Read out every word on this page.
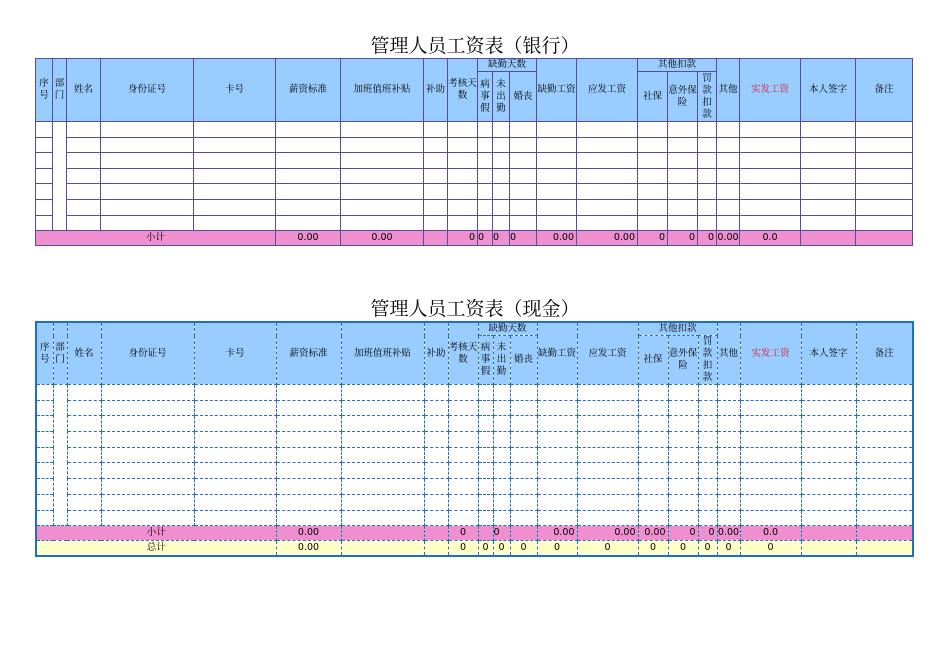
管理人员工资表（银行）
序号	部门	姓名	身份证号	卡号	薪资标准	加班值班补贴	补助	考核天数	缺勤天数			缺勤工资	应发工资	其他扣款			其他	实发工资	本人签字	备注
									病事假	未出勤	婚丧			社保	意外保险	罚款扣款				

小计					0.00	0.00		0	0	0	0	0.00	0.00	0	0	0	0.00	0.0		
管理人员工资表（现金）
序号	部门	姓名	身份证号	卡号	薪资标准	加班值班补贴	补助	考核天数	缺勤天数			缺勤工资	应发工资	其他扣款			其他	实发工资	本人签字	备注
									病事假	未出勤	婚丧			社保	意外保险	罚款扣款				

小计					0.00			0		0		0.00	0.00	0.00	0	0	0.00	0.0		
总计					0.00			0	0	0	0	0	0	0	0	0	0	0		
